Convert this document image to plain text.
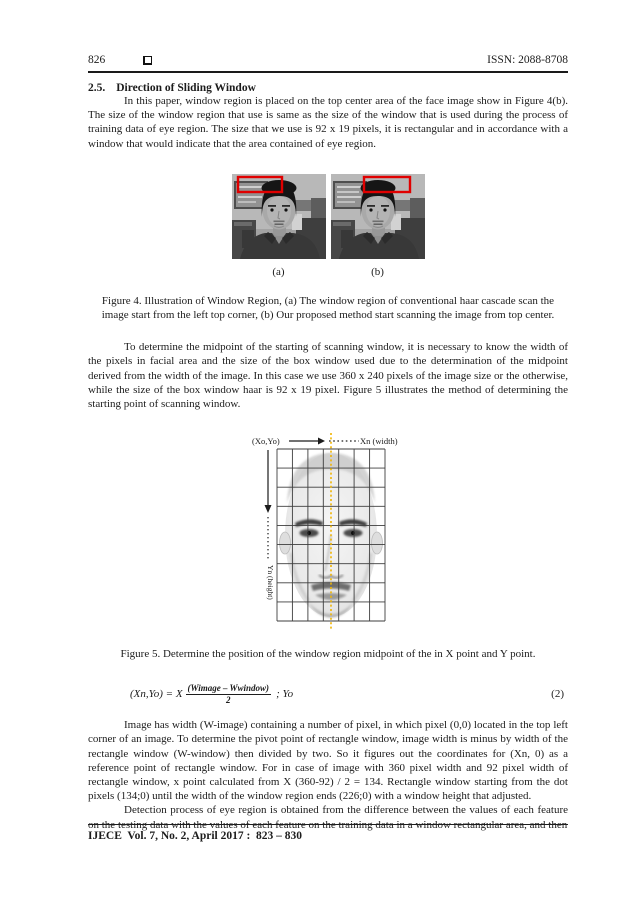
826	ISSN: 2088-8708
2.5. Direction of Sliding Window

In this paper, window region is placed on the top center area of the face image show in Figure 4(b). The size of the window region that use is same as the size of the window that is used during the process of training data of eye region. The size that we use is 92 x 19 pixels, it is rectangular and in accordance with a window that would indicate that the area contained of eye region.

(a)	(b)
Figure 4. Illustration of Window Region, (a) The window region of conventional haar cascade scan the image start from the left top corner, (b) Our proposed method start scanning the image from top center.

To determine the midpoint of the starting of scanning window, it is necessary to know the width of the pixels in facial area and the size of the box window used due to the determination of the midpoint derived from the width of the image. In this case we use 360 x 240 pixels of the image size or the otherwise, while the size of the box window haar is 92 x 19 pixel. Figure 5 illustrates the method of determining the starting point of scanning window.

(Xo,Yo)	Xn (width)
Yn (height)
Figure 5. Determine the position of the window region midpoint of the in X point and Y point.
(Xn,Yo) = X $\frac{\text{(Wimage – Wwindow)}}{2}$ ; Yo	(2)

Image has width (W-image) containing a number of pixel, in which pixel (0,0) located in the top left corner of an image. To determine the pivot point of rectangle window, image width is minus by width of the rectangle window (W-window) then divided by two. So it figures out the coordinates for (Xn, 0) as a reference point of rectangle window. For in case of image with 360 pixel width and 92 pixel width of rectangle window, x point calculated from X (360-92) / 2 = 134. Rectangle window starting from the dot pixels (134;0) until the width of the window region ends (226;0) with a window height that adjusted.

Detection process of eye region is obtained from the difference between the values of each feature on the testing data with the values of each feature on the training data in a window rectangular area, and then

IJECE  Vol. 7, No. 2, April 2017 :  823 – 830
